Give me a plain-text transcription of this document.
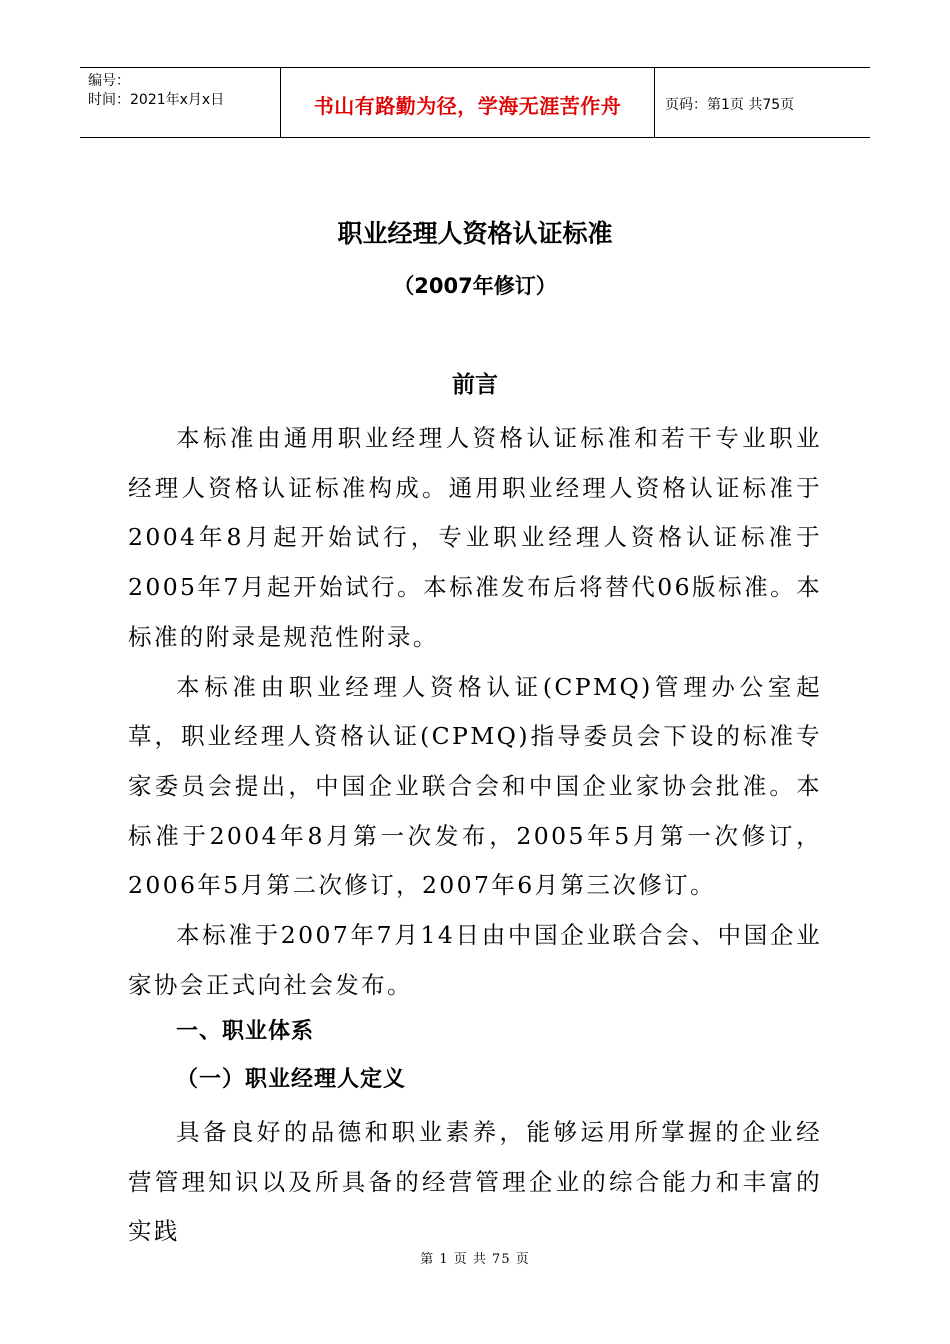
编号：
时间：2021年x月x日	书山有路勤为径，学海无涯苦作舟	页码：第1页 共75页
职业经理人资格认证标准
（2007年修订）
前言

本标准由通用职业经理人资格认证标准和若干专业职业经理人资格认证标准构成。通用职业经理人资格认证标准于2004年8月起开始试行，专业职业经理人资格认证标准于2005年7月起开始试行。本标准发布后将替代06版标准。本标准的附录是规范性附录。

本标准由职业经理人资格认证(CPMQ)管理办公室起草，职业经理人资格认证(CPMQ)指导委员会下设的标准专家委员会提出，中国企业联合会和中国企业家协会批准。本标准于2004年8月第一次发布，2005年5月第一次修订，2006年5月第二次修订，2007年6月第三次修订。

本标准于2007年7月14日由中国企业联合会、中国企业家协会正式向社会发布。

一、职业体系
（一）职业经理人定义

具备良好的品德和职业素养，能够运用所掌握的企业经营管理知识以及所具备的经营管理企业的综合能力和丰富的实践

第 1 页 共 75 页
